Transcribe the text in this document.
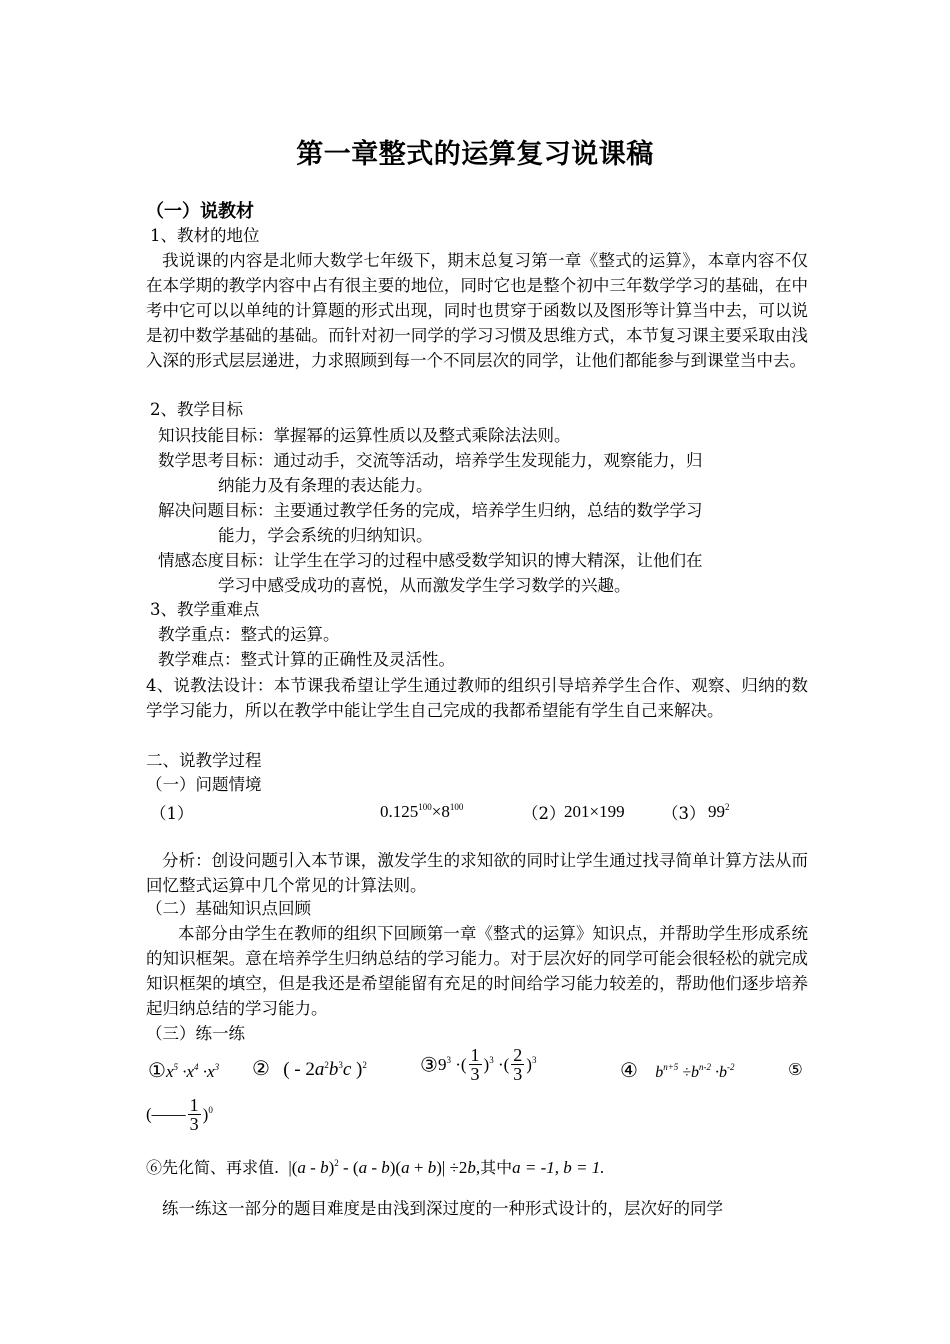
第一章整式的运算复习说课稿
（一）说教材
1、教材的地位
我说课的内容是北师大数学七年级下，期末总复习第一章《整式的运算》，本章内容不仅在本学期的教学内容中占有很主要的地位，同时它也是整个初中三年数学学习的基础，在中考中它可以以单纯的计算题的形式出现，同时也贯穿于函数以及图形等计算当中去，可以说是初中数学基础的基础。而针对初一同学的学习习惯及思维方式，本节复习课主要采取由浅入深的形式层层递进，力求照顾到每一个不同层次的同学，让他们都能参与到课堂当中去。
2、教学目标
知识技能目标：掌握幂的运算性质以及整式乘除法法则。
数学思考目标：通过动手，交流等活动，培养学生发现能力，观察能力，归
纳能力及有条理的表达能力。
解决问题目标：主要通过教学任务的完成，培养学生归纳，总结的数学学习
能力，学会系统的归纳知识。
情感态度目标：让学生在学习的过程中感受数学知识的博大精深，让他们在
学习中感受成功的喜悦，从而激发学生学习数学的兴趣。
3、教学重难点
教学重点：整式的运算。
教学难点：整式计算的正确性及灵活性。
4、说教法设计：本节课我希望让学生通过教师的组织引导培养学生合作、观察、归纳的数学学习能力，所以在教学中能让学生自己完成的我都希望能有学生自己来解决。
二、说教学过程
（一）问题情境
（1）	$0.125^{100}\times 8^{100}$	（2）
201×199 （3） $99^2$
分析：创设问题引入本节课，激发学生的求知欲的同时让学生通过找寻简单计算方法从而回忆整式运算中几个常见的计算法则。
（二）基础知识点回顾
本部分由学生在教师的组织下回顾第一章《整式的运算》知识点，并帮助学生形成系统的知识框架。意在培养学生归纳总结的学习能力。对于层次好的同学可能会很轻松的就完成知识框架的填空，但是我还是希望能留有充足的时间给学习能力较差的，帮助他们逐步培养起归纳总结的学习能力。
（三）练一练
$①x^5 \cdot x^4 \cdot x^3$ ② ( - $2a^2b^3c$ )$^2$	$③9^3$ ·( $\frac{1}{3} )^3$ ·( $\frac{2}{3} )^3$	④ $b^{n+5} \div b^{n-2} \cdot b^{-2}$	⑤
(—— $\frac{1}{3} )^0$
⑥先化简、再求值. |(a - b)$^2$ - (a - b)(a + b)| ÷2b,其中a = -1, b = 1.
练一练这一部分的题目难度是由浅到深过度的一种形式设计的，层次好的同学
